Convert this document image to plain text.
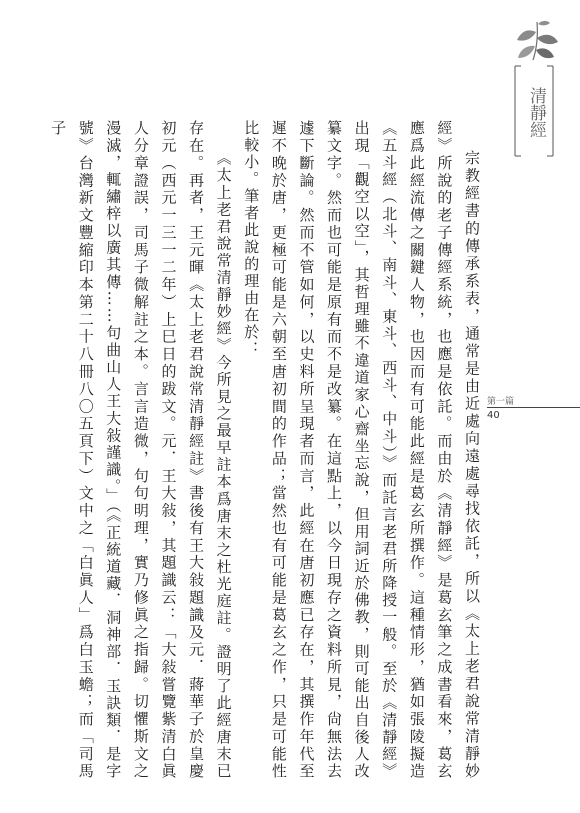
清靜經

宗教經書的傳承系表，通常是由近處向遠處尋找依託，所以《太上老君說常清靜妙經》所說的老子傳經系統，也應是依託。而由於《清靜經》是葛玄筆之成書看來，葛玄應爲此經流傳之關鍵人物，也因而有可能此經是葛玄所撰作。這種情形，猶如張陵擬造《五斗經（北斗、南斗、東斗、西斗、中斗）》而託言老君所降授一般。至於《清靜經》出現「觀空以空」，其哲理雖不違道家心齋坐忘說，但用詞近於佛教，則可能出自後人改纂文字。然而也可能是原有而不是改纂。在這點上，以今日現存之資料所見，尙無法去遽下斷論。然而不管如何，以史料所呈現者而言，此經在唐初應已存在，其撰作年代至遲不晚於唐，更極可能是六朝至唐初間的作品；當然也有可能是葛玄之作，只是可能性比較小。筆者此說的理由在於：

《太上老君說常清靜妙經》今所見之最早註本爲唐末之杜光庭註。證明了此經唐末已存在。再者，王元暉《太上老君說常清靜經註》書後有王大敍題識及元．蔣華子於皇慶初元（西元一三一二年）上巳日的跋文。元．王大敍，其題識云：「大敍嘗覽紫清白眞人分章證誤，司馬子微解註之本。言言造微，句句明理，實乃修眞之指歸。切懼斯文之漫滅，輒繡梓以廣其傳……句曲山人王大敍謹識。」（《正統道藏．洞神部．玉訣類．是字號》台灣新文豐縮印本第二十八冊八〇五頁下）文中之「白眞人」爲白玉蟾；而「司馬子

第一篇
40
